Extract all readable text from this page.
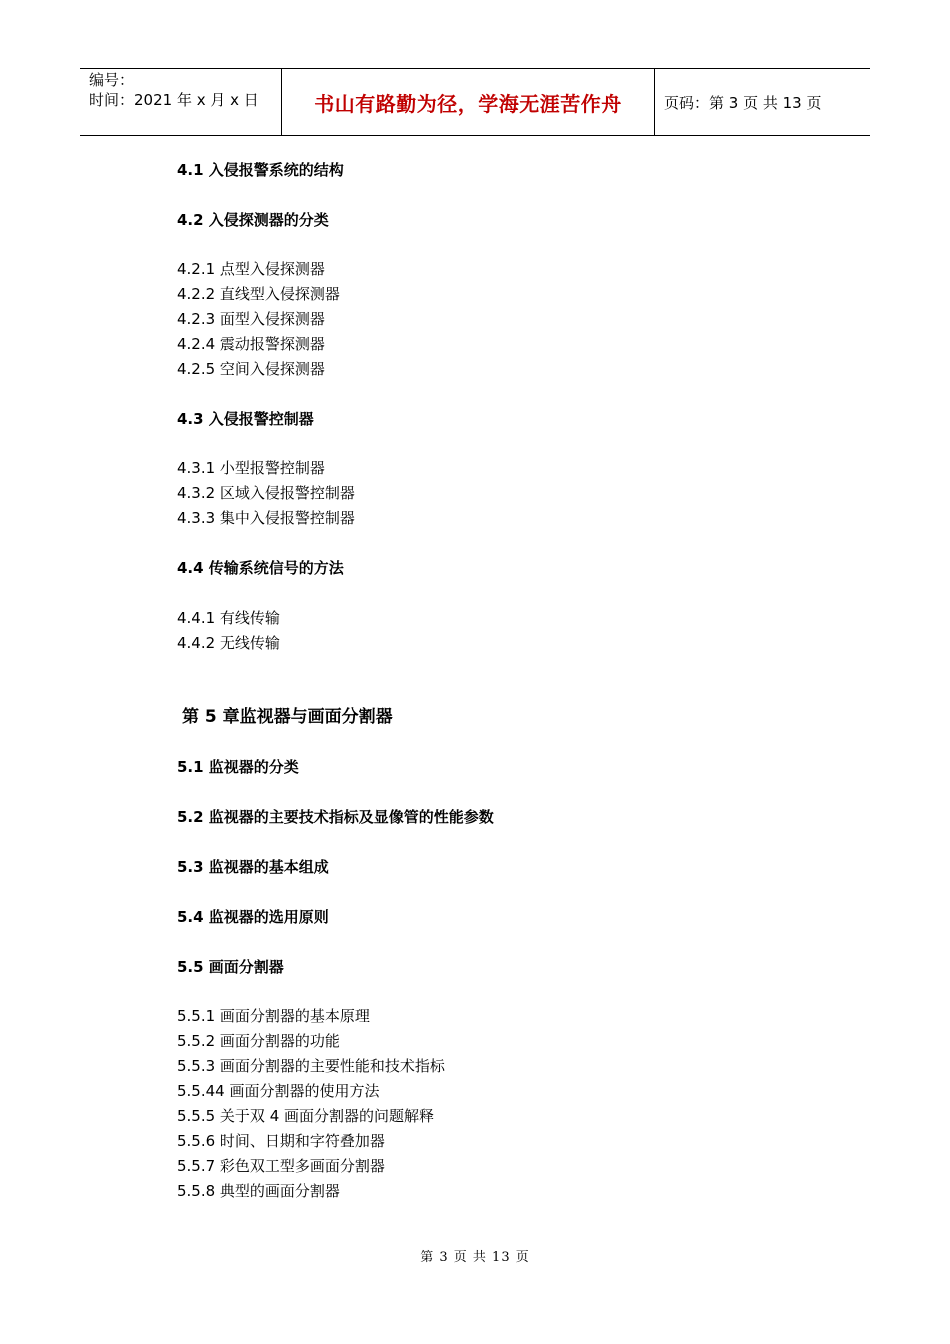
编号：
时间：2021 年 x 月 x 日	书山有路勤为径，学海无涯苦作舟	页码：第 3 页 共 13 页
4.1 入侵报警系统的结构
4.2 入侵探测器的分类
4.2.1 点型入侵探测器
4.2.2 直线型入侵探测器
4.2.3 面型入侵探测器
4.2.4 震动报警探测器
4.2.5 空间入侵探测器
4.3 入侵报警控制器
4.3.1 小型报警控制器
4.3.2 区域入侵报警控制器
4.3.3 集中入侵报警控制器
4.4 传输系统信号的方法
4.4.1 有线传输
4.4.2 无线传输
第 5 章监视器与画面分割器
5.1 监视器的分类
5.2 监视器的主要技术指标及显像管的性能参数
5.3 监视器的基本组成
5.4 监视器的选用原则
5.5 画面分割器
5.5.1 画面分割器的基本原理
5.5.2 画面分割器的功能
5.5.3 画面分割器的主要性能和技术指标
5.5.44 画面分割器的使用方法
5.5.5 关于双 4 画面分割器的问题解释
5.5.6 时间、日期和字符叠加器
5.5.7 彩色双工型多画面分割器
5.5.8 典型的画面分割器
第 3 页 共 13 页
